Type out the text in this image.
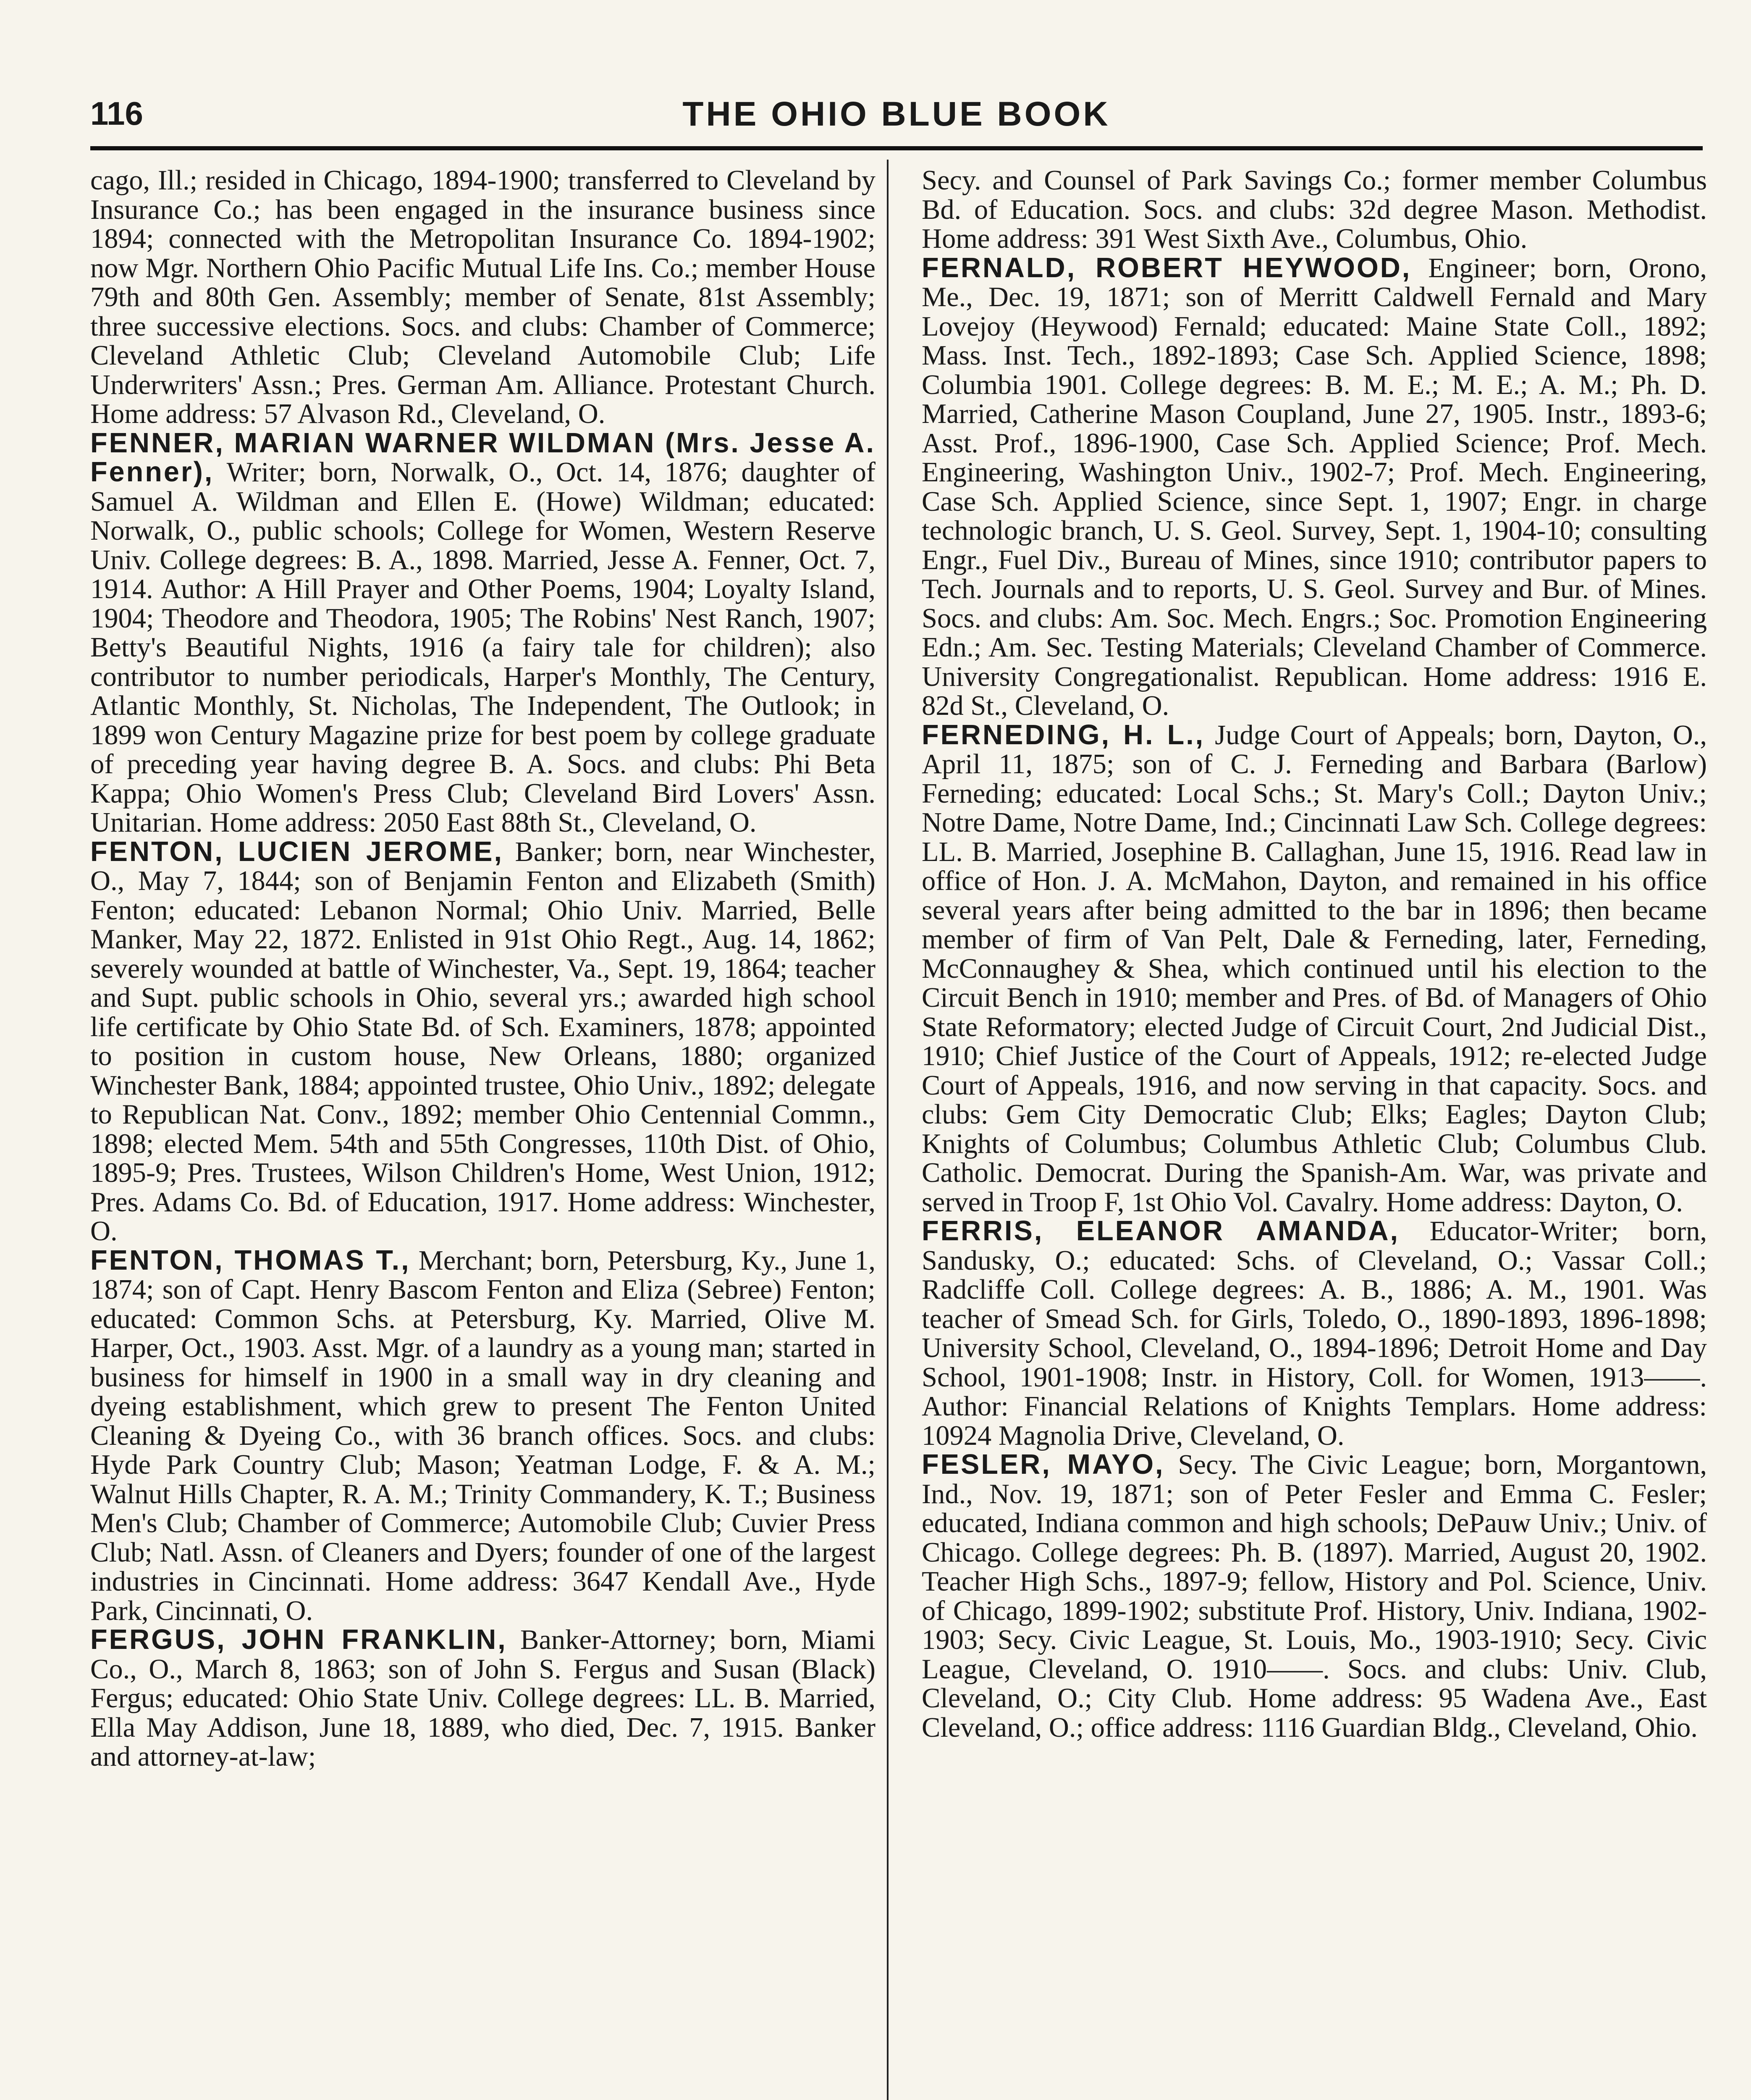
116	THE OHIO BLUE BOOK

cago, Ill.; resided in Chicago, 1894-1900; transferred to Cleveland by Insurance Co.; has been engaged in the insurance business since 1894; connected with the Metropolitan Insurance Co. 1894-1902; now Mgr. Northern Ohio Pacific Mutual Life Ins. Co.; member House 79th and 80th Gen. Assembly; member of Senate, 81st Assembly; three successive elections. Socs. and clubs: Chamber of Commerce; Cleveland Athletic Club; Cleveland Automobile Club; Life Underwriters' Assn.; Pres. German Am. Alliance. Protestant Church. Home address: 57 Alvason Rd., Cleveland, O.

FENNER, MARIAN WARNER WILDMAN (Mrs. Jesse A. Fenner), Writer; born, Norwalk, O., Oct. 14, 1876; daughter of Samuel A. Wildman and Ellen E. (Howe) Wildman; educated: Norwalk, O., public schools; College for Women, Western Reserve Univ. College degrees: B. A., 1898. Married, Jesse A. Fenner, Oct. 7, 1914. Author: A Hill Prayer and Other Poems, 1904; Loyalty Island, 1904; Theodore and Theodora, 1905; The Robins' Nest Ranch, 1907; Betty's Beautiful Nights, 1916 (a fairy tale for children); also contributor to number periodicals, Harper's Monthly, The Century, Atlantic Monthly, St. Nicholas, The Independent, The Outlook; in 1899 won Century Magazine prize for best poem by college graduate of preceding year having degree B. A. Socs. and clubs: Phi Beta Kappa; Ohio Women's Press Club; Cleveland Bird Lovers' Assn. Unitarian. Home address: 2050 East 88th St., Cleveland, O.

FENTON, LUCIEN JEROME, Banker; born, near Winchester, O., May 7, 1844; son of Benjamin Fenton and Elizabeth (Smith) Fenton; educated: Lebanon Normal; Ohio Univ. Married, Belle Manker, May 22, 1872. Enlisted in 91st Ohio Regt., Aug. 14, 1862; severely wounded at battle of Winchester, Va., Sept. 19, 1864; teacher and Supt. public schools in Ohio, several yrs.; awarded high school life certificate by Ohio State Bd. of Sch. Examiners, 1878; appointed to position in custom house, New Orleans, 1880; organized Winchester Bank, 1884; appointed trustee, Ohio Univ., 1892; delegate to Republican Nat. Conv., 1892; member Ohio Centennial Commn., 1898; elected Mem. 54th and 55th Congresses, 110th Dist. of Ohio, 1895-9; Pres. Trustees, Wilson Children's Home, West Union, 1912; Pres. Adams Co. Bd. of Education, 1917. Home address: Winchester, O.

FENTON, THOMAS T., Merchant; born, Petersburg, Ky., June 1, 1874; son of Capt. Henry Bascom Fenton and Eliza (Sebree) Fenton; educated: Common Schs. at Petersburg, Ky. Married, Olive M. Harper, Oct., 1903. Asst. Mgr. of a laundry as a young man; started in business for himself in 1900 in a small way in dry cleaning and dyeing establishment, which grew to present The Fenton United Cleaning & Dyeing Co., with 36 branch offices. Socs. and clubs: Hyde Park Country Club; Mason; Yeatman Lodge, F. & A. M.; Walnut Hills Chapter, R. A. M.; Trinity Commandery, K. T.; Business Men's Club; Chamber of Commerce; Automobile Club; Cuvier Press Club; Natl. Assn. of Cleaners and Dyers; founder of one of the largest industries in Cincinnati. Home address: 3647 Kendall Ave., Hyde Park, Cincinnati, O.

FERGUS, JOHN FRANKLIN, Banker-Attorney; born, Miami Co., O., March 8, 1863; son of John S. Fergus and Susan (Black) Fergus; educated: Ohio State Univ. College degrees: LL. B. Married, Ella May Addison, June 18, 1889, who died, Dec. 7, 1915. Banker and attorney-at-law;

Secy. and Counsel of Park Savings Co.; former member Columbus Bd. of Education. Socs. and clubs: 32d degree Mason. Methodist. Home address: 391 West Sixth Ave., Columbus, Ohio.

FERNALD, ROBERT HEYWOOD, Engineer; born, Orono, Me., Dec. 19, 1871; son of Merritt Caldwell Fernald and Mary Lovejoy (Heywood) Fernald; educated: Maine State Coll., 1892; Mass. Inst. Tech., 1892-1893; Case Sch. Applied Science, 1898; Columbia 1901. College degrees: B. M. E.; M. E.; A. M.; Ph. D. Married, Catherine Mason Coupland, June 27, 1905. Instr., 1893-6; Asst. Prof., 1896-1900, Case Sch. Applied Science; Prof. Mech. Engineering, Washington Univ., 1902-7; Prof. Mech. Engineering, Case Sch. Applied Science, since Sept. 1, 1907; Engr. in charge technologic branch, U. S. Geol. Survey, Sept. 1, 1904-10; consulting Engr., Fuel Div., Bureau of Mines, since 1910; contributor papers to Tech. Journals and to reports, U. S. Geol. Survey and Bur. of Mines. Socs. and clubs: Am. Soc. Mech. Engrs.; Soc. Promotion Engineering Edn.; Am. Sec. Testing Materials; Cleveland Chamber of Commerce. University Congregationalist. Republican. Home address: 1916 E. 82d St., Cleveland, O.

FERNEDING, H. L., Judge Court of Appeals; born, Dayton, O., April 11, 1875; son of C. J. Ferneding and Barbara (Barlow) Ferneding; educated: Local Schs.; St. Mary's Coll.; Dayton Univ.; Notre Dame, Notre Dame, Ind.; Cincinnati Law Sch. College degrees: LL. B. Married, Josephine B. Callaghan, June 15, 1916. Read law in office of Hon. J. A. McMahon, Dayton, and remained in his office several years after being admitted to the bar in 1896; then became member of firm of Van Pelt, Dale & Ferneding, later, Ferneding, McConnaughey & Shea, which continued until his election to the Circuit Bench in 1910; member and Pres. of Bd. of Managers of Ohio State Reformatory; elected Judge of Circuit Court, 2nd Judicial Dist., 1910; Chief Justice of the Court of Appeals, 1912; re-elected Judge Court of Appeals, 1916, and now serving in that capacity. Socs. and clubs: Gem City Democratic Club; Elks; Eagles; Dayton Club; Knights of Columbus; Columbus Athletic Club; Columbus Club. Catholic. Democrat. During the Spanish-Am. War, was private and served in Troop F, 1st Ohio Vol. Cavalry. Home address: Dayton, O.

FERRIS, ELEANOR AMANDA, Educator-Writer; born, Sandusky, O.; educated: Schs. of Cleveland, O.; Vassar Coll.; Radcliffe Coll. College degrees: A. B., 1886; A. M., 1901. Was teacher of Smead Sch. for Girls, Toledo, O., 1890-1893, 1896-1898; University School, Cleveland, O., 1894-1896; Detroit Home and Day School, 1901-1908; Instr. in History, Coll. for Women, 1913——. Author: Financial Relations of Knights Templars. Home address: 10924 Magnolia Drive, Cleveland, O.

FESLER, MAYO, Secy. The Civic League; born, Morgantown, Ind., Nov. 19, 1871; son of Peter Fesler and Emma C. Fesler; educated, Indiana common and high schools; DePauw Univ.; Univ. of Chicago. College degrees: Ph. B. (1897). Married, August 20, 1902. Teacher High Schs., 1897-9; fellow, History and Pol. Science, Univ. of Chicago, 1899-1902; substitute Prof. History, Univ. Indiana, 1902-1903; Secy. Civic League, St. Louis, Mo., 1903-1910; Secy. Civic League, Cleveland, O. 1910——. Socs. and clubs: Univ. Club, Cleveland, O.; City Club. Home address: 95 Wadena Ave., East Cleveland, O.; office address: 1116 Guardian Bldg., Cleveland, Ohio.
